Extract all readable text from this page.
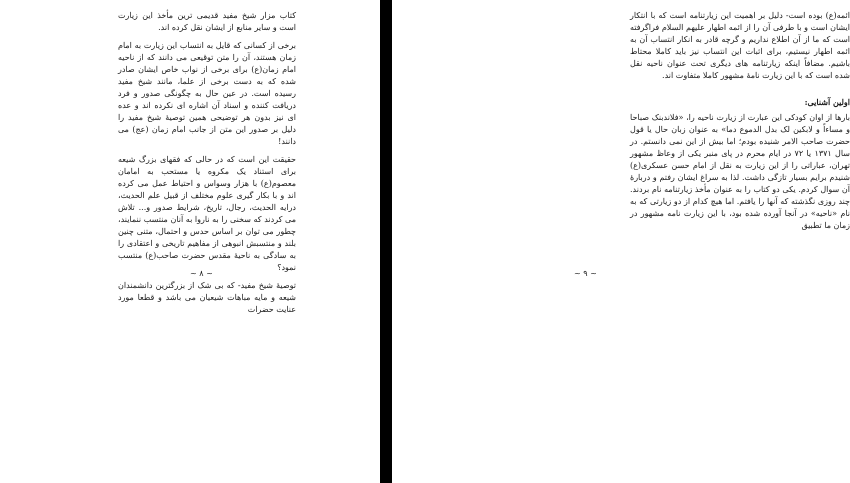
کتاب مزار شیخ مفید قدیمی ترین مأخذ این زیارت است و سایر منابع از ایشان نقل کرده اند.

برخی از کسانی که قایل به انتساب این زیارت به امام زمان هستند، آن را متن توقیعی می دانند که از ناحیه امام زمان(ع) برای برخی از نواب خاص ایشان صادر شده که به دست برخی از علما، مانند شیخ مفید رسیده است. در عین حال به چگونگی صدور و فرد دریافت کننده و اسناد آن اشاره ای نکرده اند و عده ای نیز بدون هر توضیحی همین توصیهٔ شیخ مفید را دلیل بر صدور این متن از جانب امام زمان (عج) می دانند!

حقیقت این است که در حالی که فقهای بزرگ شیعه برای استناد یک مکروه یا مستحب به امامان معصوم(ع) با هزار وسواس و احتیاط عمل می کرده اند و با بکار گیری علوم مختلف از قبیل علم الحدیث، درایه الحدیث، رجال، تاریخ، شرایط صدور و... تلاش می کردند که سخنی را به ناروا به آنان منتسب ننمایند، چطور می توان بر اساس حدس و احتمال، متنی چنین بلند و منتسبش انبوهی از مفاهیم تاریخی و اعتقادی را به سادگی به ناحیهٔ مقدس حضرت صاحب(ع) منتسب نمود؟

توصیهٔ شیخ مفید- که بی شک از بزرگترین دانشمندان شیعه و مایه مباهات شیعیان می باشد و قطعا مورد عنایت حضرات

~ ۸ ~

ائمه(ع) بوده است- دلیل بر اهمیت این زیارتنامه است که با انتکار ایشان است و با طرفی آن را از ائمه اطهار علیهم السلام فراگرفته است که ما از آن اطلاع نداریم و گرچه قادر به انکار انتساب آن به ائمه اطهار نیستیم، برای اثبات این انتساب نیز باید کاملا محتاط باشیم. مضافاً اینکه زیارتنامه های دیگری تحت عنوان ناحیه نقل شده است که با این زیارت نامهٔ مشهور کاملا متفاوت اند.

اولین آشنایی:

بارها از اوان کودکی این عبارت از زیارت ناحیه را، «فلاندبنک صباحا و مساءاً و لابکین لک بدل الدموع دما» به عنوان زبان حال یا قول حضرت صاحب الامر شنیده بودم؛ اما بیش از این نمی دانستم. در سال ۱۳۷۱ یا ۷۲ در ایام محرم در پای منبر یکی از وعاظ مشهور تهران، عباراتی را از این زیارت به نقل از امام حسن عسکری(ع) شنیدم برایم بسیار تازگی داشت. لذا به سراغ ایشان رفتم و دربارهٔ آن سوال کردم. یکی دو کتاب را به عنوان مأخذ زیارتنامه نام بردند. چند روزی نگذشته که آنها را یافتم. اما هیچ کدام از دو زیارتی که به نام «ناحیه» در آنجا آورده شده بود، با این زیارت نامه مشهور در زمان ما تطبیق

~ ۹ ~
